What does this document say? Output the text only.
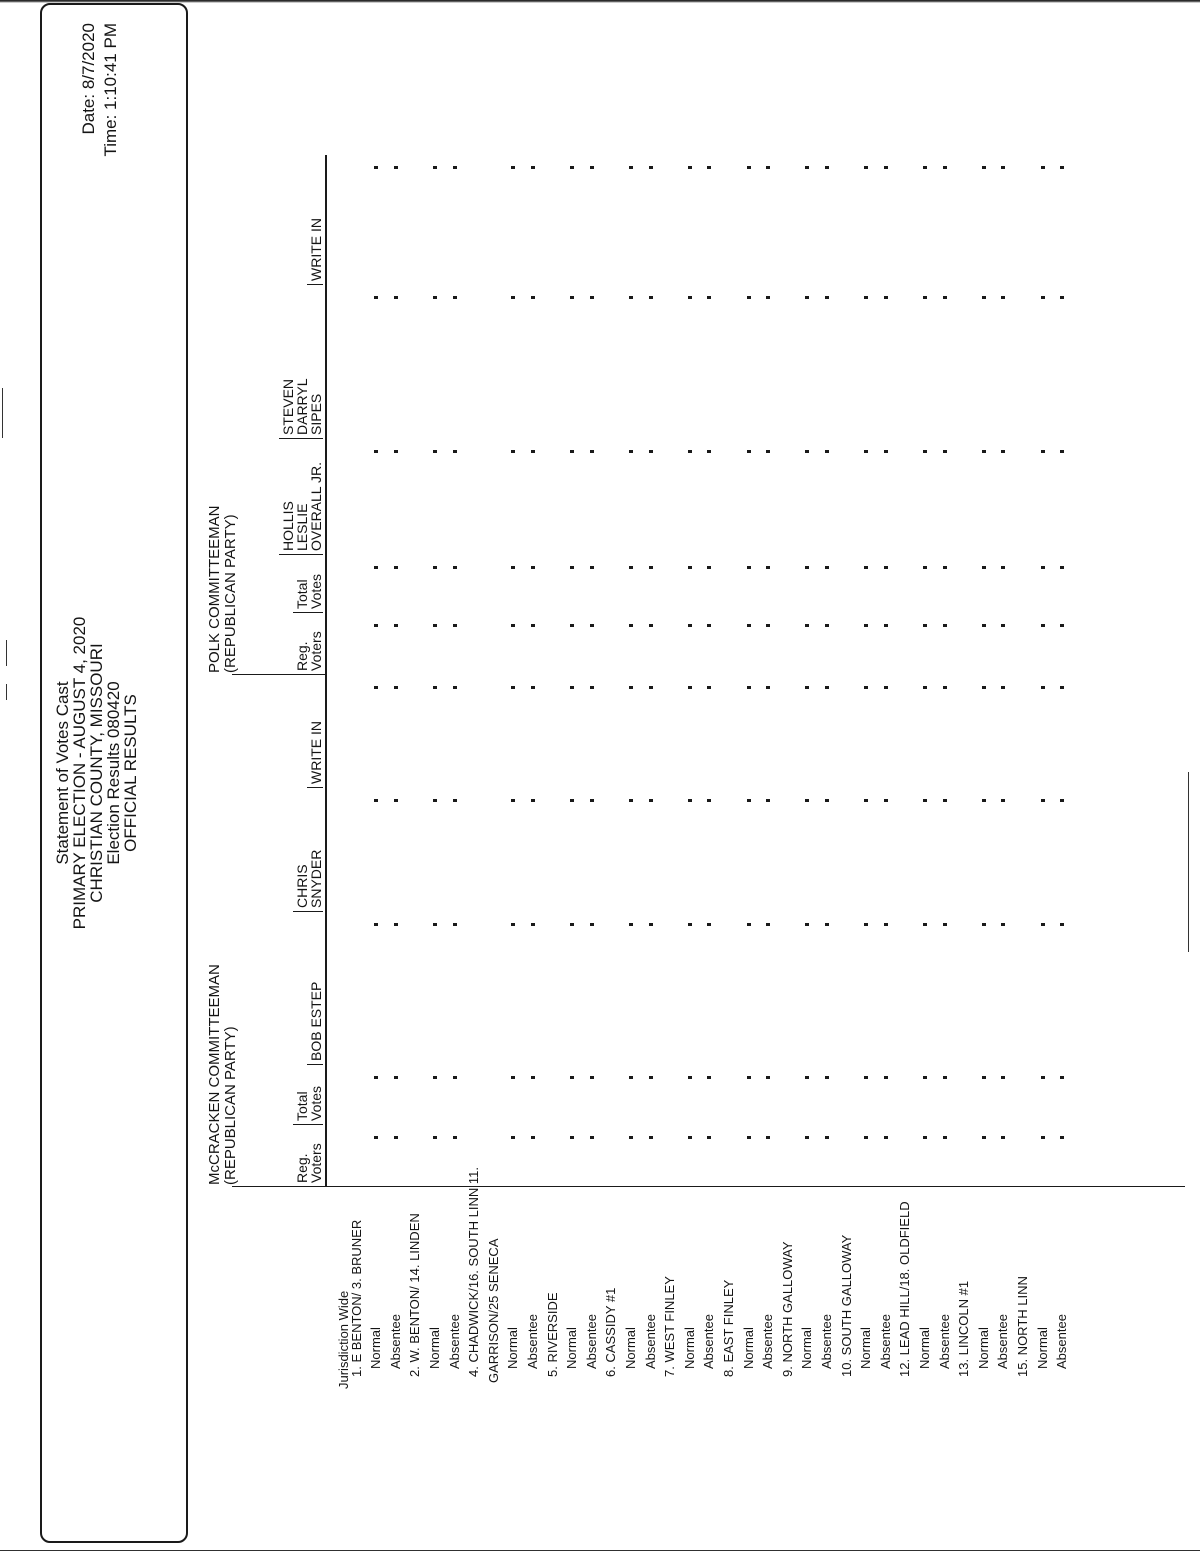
Statement of Votes Cast
PRIMARY ELECTION - AUGUST 4, 2020
CHRISTIAN COUNTY, MISSOURI
Election Results 080420
OFFICIAL RESULTS
Date: 8/7/2020 Time: 1:10:41 PM
McCRACKEN COMMITTEEMAN (REPUBLICAN PARTY)	Reg.
Voters
Total
Votes
BOB ESTEP
CHRIS
SNYDER
WRITE IN
POLK COMMITTEEMAN (REPUBLICAN PARTY)	Reg.
Voters
Total
Votes
HOLLIS
LESLIE
OVERALL JR.
STEVEN
DARRYL
SIPES
WRITE IN
Jurisdiction Wide
1. E BENTON/ 3. BRUNER Normal Absentee 2. W. BENTON/ 14. LINDEN Normal Absentee 4. CHADWICK/16. SOUTH LINN 11. GARRISON/25 SENECA Normal Absentee 5. RIVERSIDE Normal Absentee 6. CASSIDY #1 Normal Absentee 7. WEST FINLEY Normal Absentee 8. EAST FINLEY Normal Absentee 9. NORTH GALLOWAY Normal Absentee 10. SOUTH GALLOWAY Normal Absentee 12. LEAD HILL/18. OLDFIELD Normal Absentee 13. LINCOLN #1 Normal Absentee 15. NORTH LINN Normal Absentee
